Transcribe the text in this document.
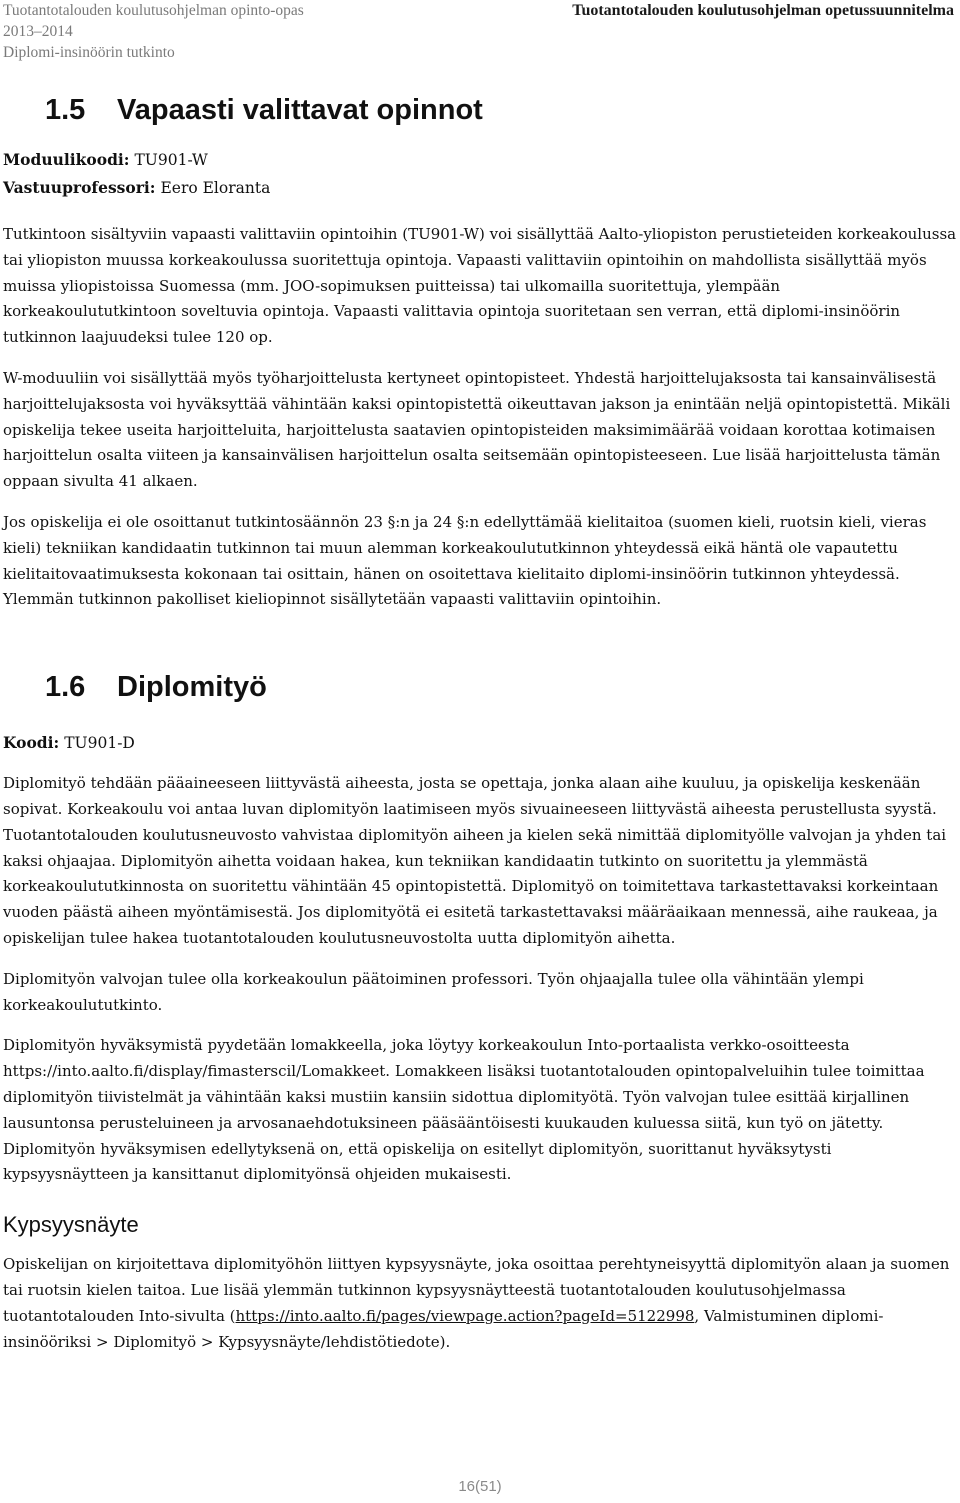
Tuotantotalouden koulutusohjelman opinto-opas
2013–2014
Diplomi-insinöörin tutkinto
Tuotantotalouden koulutusohjelman opetussuunnitelma
1.5 Vapaasti valittavat opinnot
Moduulikoodi: TU901-W
Vastuuprofessori: Eero Eloranta

Tutkintoon sisältyviin vapaasti valittaviin opintoihin (TU901-W) voi sisällyttää Aalto-yliopiston perustieteiden korkeakoulussa tai yliopiston muussa korkeakoulussa suoritettuja opintoja. Vapaasti valittaviin opintoihin on mahdollista sisällyttää myös muissa yliopistoissa Suomessa (mm. JOO-sopimuksen puitteissa) tai ulkomailla suoritettuja, ylempään korkeakoulututkintoon soveltuvia opintoja. Vapaasti valittavia opintoja suoritetaan sen verran, että diplomi-insinöörin tutkinnon laajuudeksi tulee 120 op.

W-moduuliin voi sisällyttää myös työharjoittelusta kertyneet opintopisteet. Yhdestä harjoittelujaksosta tai kansainvälisestä harjoittelujaksosta voi hyväksyttää vähintään kaksi opintopistettä oikeuttavan jakson ja enintään neljä opintopistettä. Mikäli opiskelija tekee useita harjoitteluita, harjoittelusta saatavien opintopisteiden maksimimäärää voidaan korottaa kotimaisen harjoittelun osalta viiteen ja kansainvälisen harjoittelun osalta seitsemään opintopisteeseen. Lue lisää harjoittelusta tämän oppaan sivulta 41 alkaen.

Jos opiskelija ei ole osoittanut tutkintosäännön 23 §:n ja 24 §:n edellyttämää kielitaitoa (suomen kieli, ruotsin kieli, vieras kieli) tekniikan kandidaatin tutkinnon tai muun alemman korkeakoulututkinnon yhteydessä eikä häntä ole vapautettu kielitaitovaatimuksesta kokonaan tai osittain, hänen on osoitettava kielitaito diplomi-insinöörin tutkinnon yhteydessä. Ylemmän tutkinnon pakolliset kieliopinnot sisällytetään vapaasti valittaviin opintoihin.

1.6 Diplomityö
Koodi: TU901-D

Diplomityö tehdään pääaineeseen liittyvästä aiheesta, josta se opettaja, jonka alaan aihe kuuluu, ja opiskelija keskenään sopivat. Korkeakoulu voi antaa luvan diplomityön laatimiseen myös sivuaineeseen liittyvästä aiheesta perustellusta syystä. Tuotantotalouden koulutusneuvosto vahvistaa diplomityön aiheen ja kielen sekä nimittää diplomityölle valvojan ja yhden tai kaksi ohjaajaa. Diplomityön aihetta voidaan hakea, kun tekniikan kandidaatin tutkinto on suoritettu ja ylemmästä korkeakoulututkinnosta on suoritettu vähintään 45 opintopistettä. Diplomityö on toimitettava tarkastettavaksi korkeintaan vuoden päästä aiheen myöntämisestä. Jos diplomityötä ei esitetä tarkastettavaksi määräaikaan mennessä, aihe raukeaa, ja opiskelijan tulee hakea tuotantotalouden koulutusneuvostolta uutta diplomityön aihetta.

Diplomityön valvojan tulee olla korkeakoulun päätoiminen professori. Työn ohjaajalla tulee olla vähintään ylempi korkeakoulututkinto.

Diplomityön hyväksymistä pyydetään lomakkeella, joka löytyy korkeakoulun Into-portaalista verkko-osoitteesta https://into.aalto.fi/display/fimasterscil/Lomakkeet. Lomakkeen lisäksi tuotantotalouden opintopalveluihin tulee toimittaa diplomityön tiivistelmät ja vähintään kaksi mustiin kansiin sidottua diplomityötä. Työn valvojan tulee esittää kirjallinen lausuntonsa perusteluineen ja arvosanaehdotuksineen pääsääntöisesti kuukauden kuluessa siitä, kun työ on jätetty. Diplomityön hyväksymisen edellytyksenä on, että opiskelija on esitellyt diplomityön, suorittanut hyväksytysti kypsyysnäytteen ja kansittanut diplomityönsä ohjeiden mukaisesti.

Kypsyysnäyte

Opiskelijan on kirjoitettava diplomityöhön liittyen kypsyysnäyte, joka osoittaa perehtyneisyyttä diplomityön alaan ja suomen tai ruotsin kielen taitoa. Lue lisää ylemmän tutkinnon kypsyysnäytteestä tuotantotalouden koulutusohjelmassa tuotantotalouden Into-sivulta (https://into.aalto.fi/pages/viewpage.action?pageId=5122998, Valmistuminen diplomi-insinööriksi > Diplomityö > Kypsyysnäyte/lehdistötiedote).

16(51)
